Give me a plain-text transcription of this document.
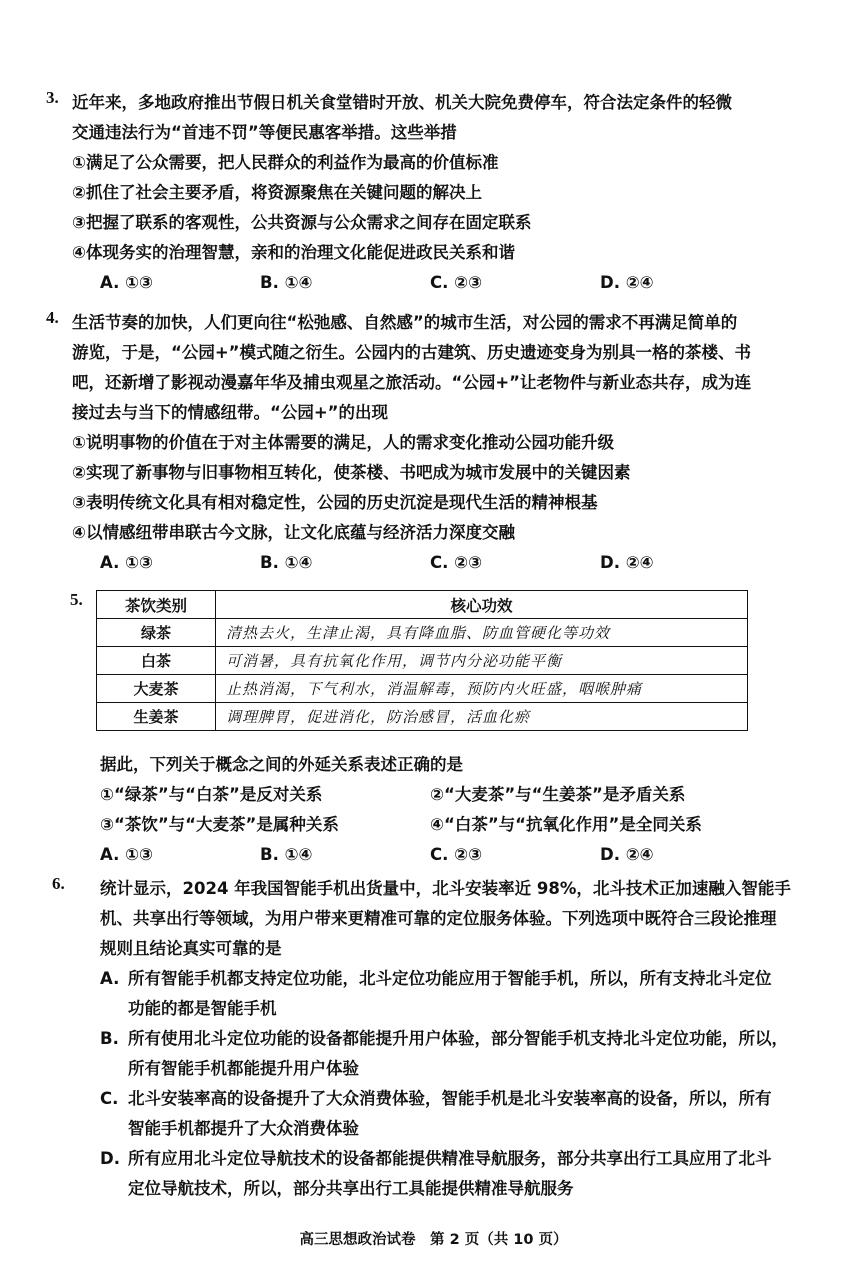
3. 近年来，多地政府推出节假日机关食堂错时开放、机关大院免费停车，符合法定条件的轻微
交通违法行为“首违不罚”等便民惠客举措。这些举措
①满足了公众需要，把人民群众的利益作为最高的价值标准
②抓住了社会主要矛盾，将资源聚焦在关键问题的解决上
③把握了联系的客观性，公共资源与公众需求之间存在固定联系
④体现务实的治理智慧，亲和的治理文化能促进政民关系和谐
A. ①③	B. ①④	C. ②③	D. ②④
4. 生活节奏的加快，人们更向往“松弛感、自然感”的城市生活，对公园的需求不再满足简单的
游览，于是，“公园+”模式随之衍生。公园内的古建筑、历史遗迹变身为别具一格的茶楼、书
吧，还新增了影视动漫嘉年华及捕虫观星之旅活动。“公园+”让老物件与新业态共存，成为连
接过去与当下的情感纽带。“公园+”的出现
①说明事物的价值在于对主体需要的满足，人的需求变化推动公园功能升级
②实现了新事物与旧事物相互转化，使茶楼、书吧成为城市发展中的关键因素
③表明传统文化具有相对稳定性，公园的历史沉淀是现代生活的精神根基
④以情感纽带串联古今文脉，让文化底蕴与经济活力深度交融
A. ①③	B. ①④	C. ②③	D. ②④
5.	茶饮类别	核心功效
绿茶	清热去火，生津止渴，具有降血脂、防血管硬化等功效
白茶	可消暑，具有抗氧化作用，调节内分泌功能平衡
大麦茶	止热消渴，下气利水，消温解毒，预防内火旺盛，咽喉肿痛
生姜茶	调理脾胃，促进消化，防治感冒，活血化瘀
据此，下列关于概念之间的外延关系表述正确的是
①“绿茶”与“白茶”是反对关系	②“大麦茶”与“生姜茶”是矛盾关系
③“茶饮”与“大麦茶”是属种关系	④“白茶”与“抗氧化作用”是全同关系
A. ①③	B. ①④	C. ②③	D. ②④
6.	统计显示，2024 年我国智能手机出货量中，北斗安装率近 98%，北斗技术正加速融入智能手
机、共享出行等领域，为用户带来更精准可靠的定位服务体验。下列选项中既符合三段论推理
规则且结论真实可靠的是
A. 所有智能手机都支持定位功能，北斗定位功能应用于智能手机，所以，所有支持北斗定位
功能的都是智能手机
B. 所有使用北斗定位功能的设备都能提升用户体验，部分智能手机支持北斗定位功能，所以，
所有智能手机都能提升用户体验
C. 北斗安装率高的设备提升了大众消费体验，智能手机是北斗安装率高的设备，所以，所有
智能手机都提升了大众消费体验
D. 所有应用北斗定位导航技术的设备都能提供精准导航服务，部分共享出行工具应用了北斗
定位导航技术，所以，部分共享出行工具能提供精准导航服务
高三思想政治试卷　第 2 页（共 10 页）
